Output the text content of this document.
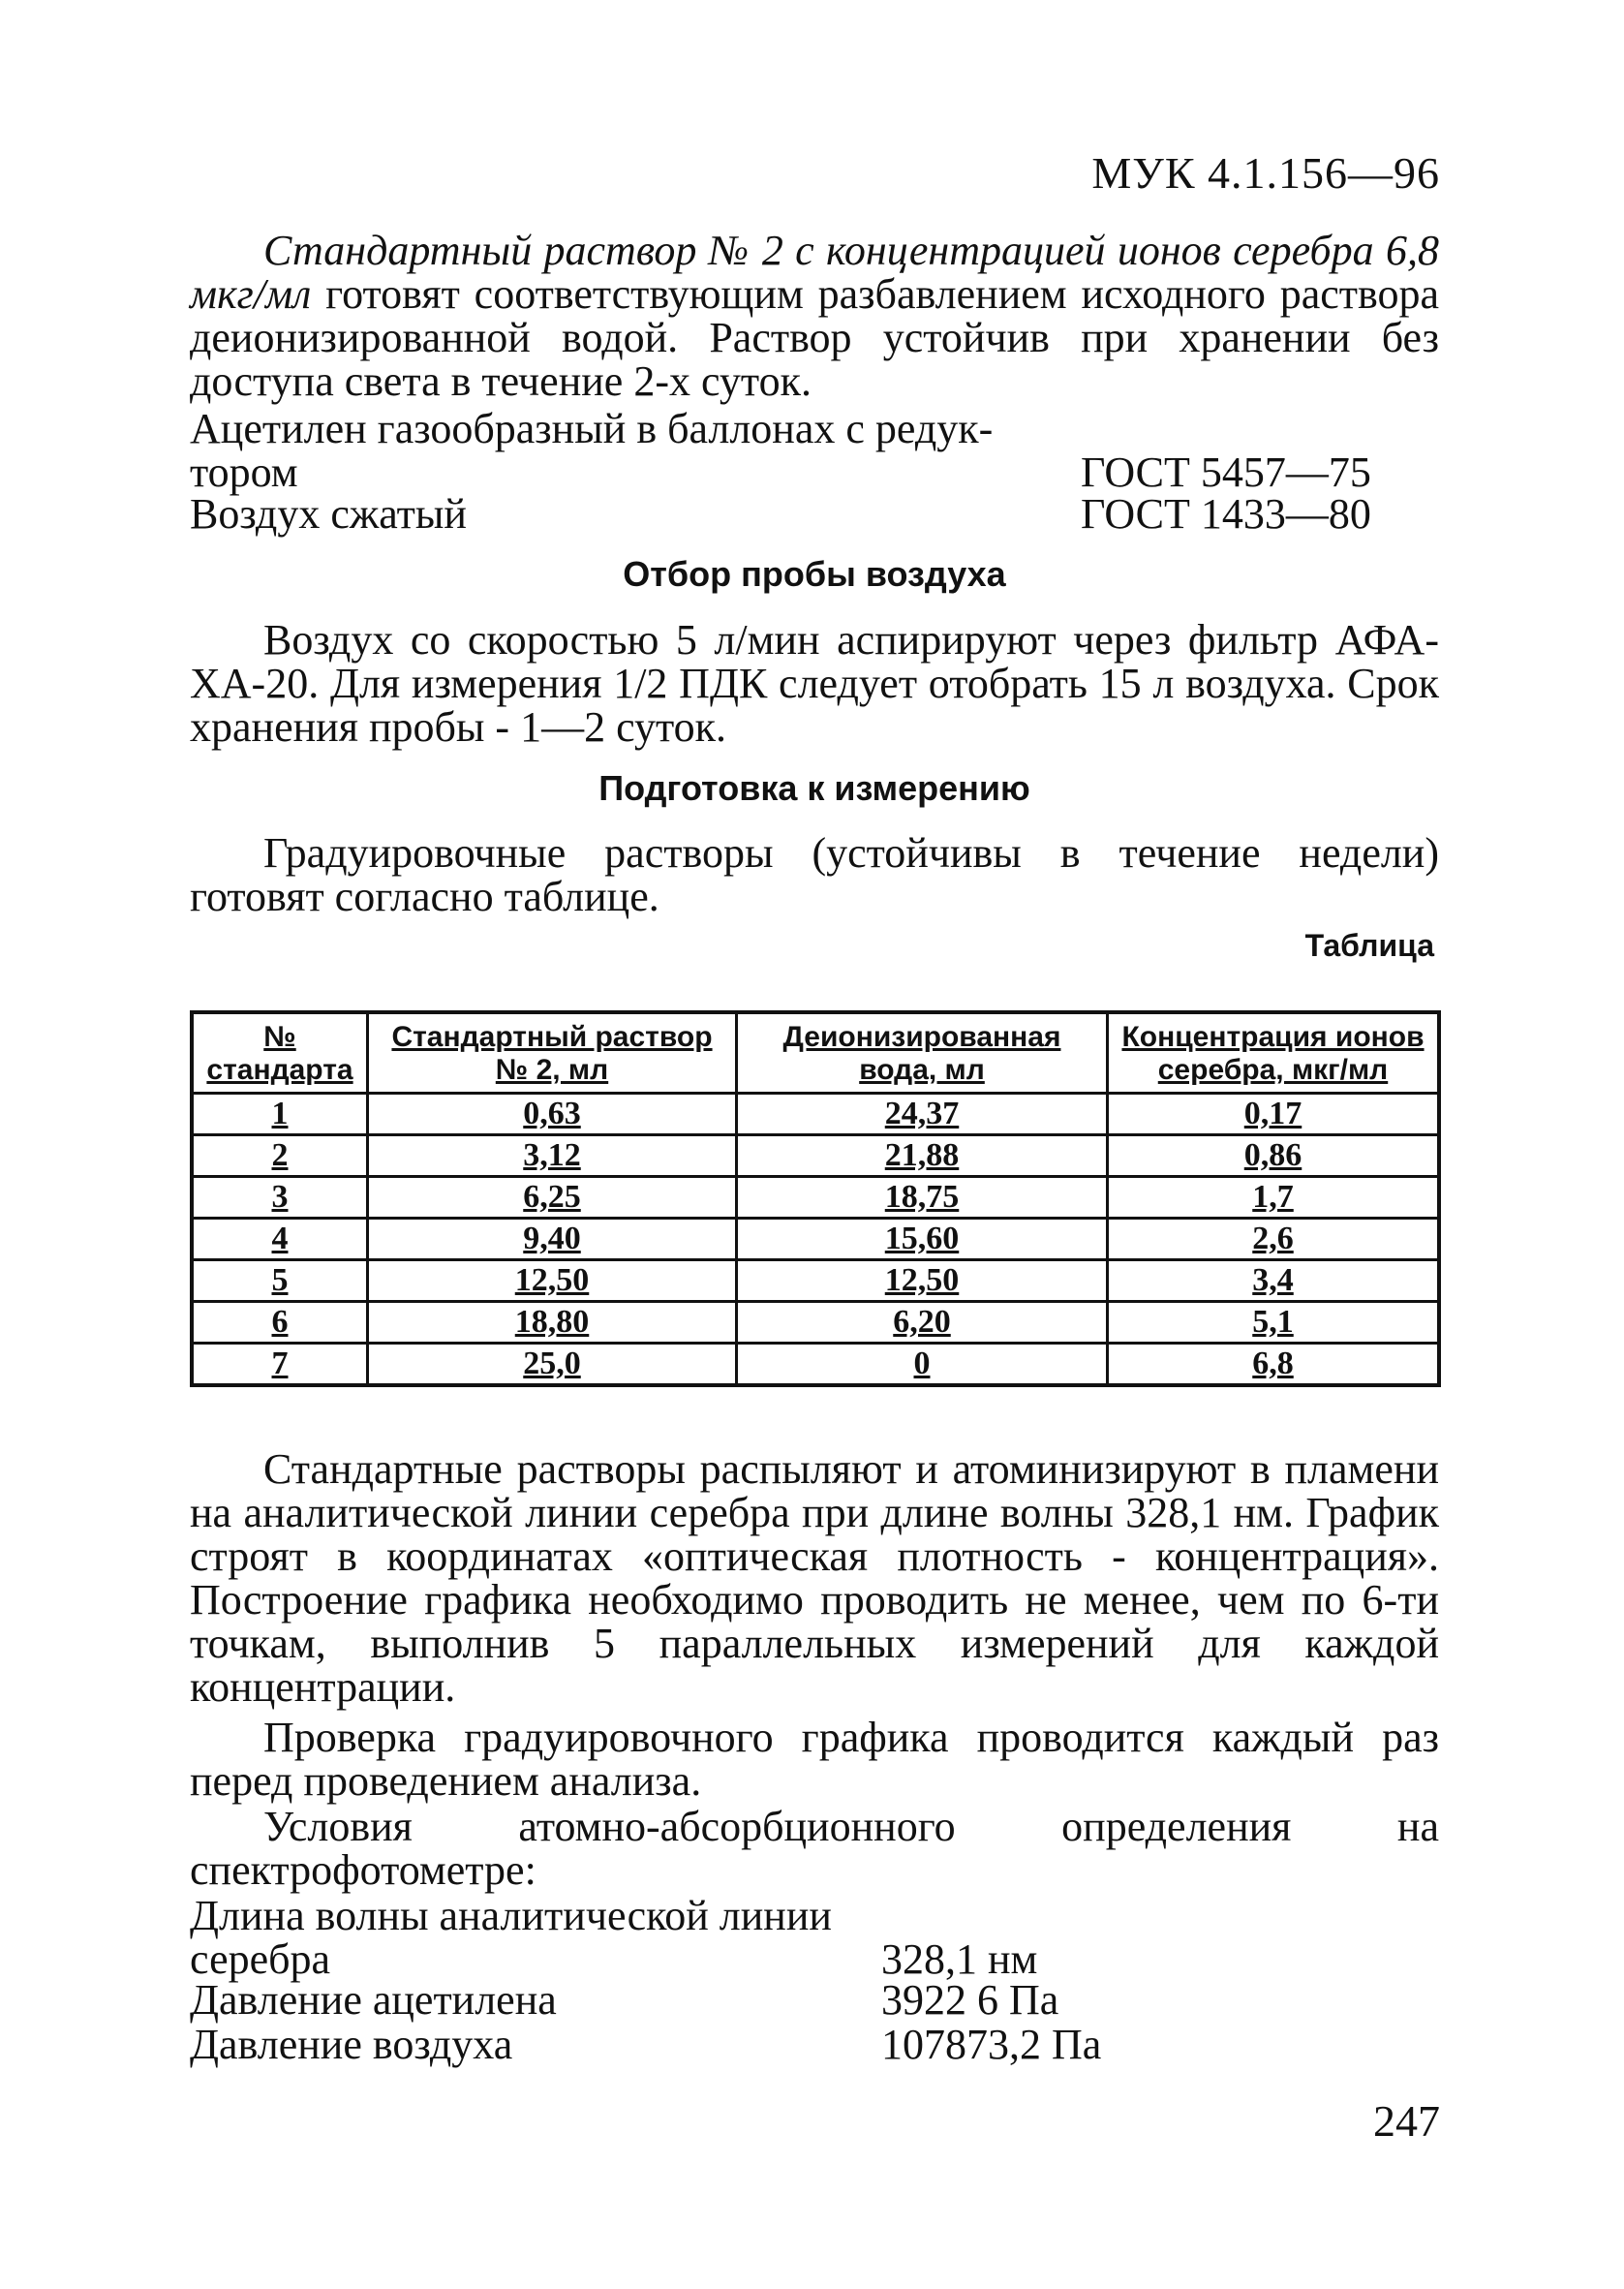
МУК 4.1.156—96
Стандартный раствор № 2 с концентрацией ионов серебра 6,8 мкг/мл готовят соответствующим разбавлением исходного раствора деионизированной водой. Раствор устойчив при хранении без доступа света в течение 2-х суток.
Ацетилен газообразный в баллонах с редук-
тором	ГОСТ 5457—75
Воздух сжатый	ГОСТ 1433—80
Отбор пробы воздуха
Воздух со скоростью 5 л/мин аспирируют через фильтр АФА-ХА-20. Для измерения 1/2 ПДК следует отобрать 15 л воздуха. Срок хранения пробы - 1—2 суток.
Подготовка к измерению
Градуировочные растворы (устойчивы в течение недели) готовят согласно таблице.
Таблица
№ стандарта	Стандартный раствор № 2, мл	Деионизированная вода, мл	Концентрация ионов серебра, мкг/мл
1	0,63	24,37	0,17
2	3,12	21,88	0,86
3	6,25	18,75	1,7
4	9,40	15,60	2,6
5	12,50	12,50	3,4
6	18,80	6,20	5,1
7	25,0	0	6,8
Стандартные растворы распыляют и атоминизируют в пламени на аналитической линии серебра при длине волны 328,1 нм. График строят в координатах «оптическая плотность - концентрация». Построение графика необходимо проводить не менее, чем по 6-ти точкам, выполнив 5 параллельных измерений для каждой концентрации.
Проверка градуировочного графика проводится каждый раз перед проведением анализа.
Условия атомно-абсорбционного определения на спектрофотометре:
Длина волны аналитической линии
серебра	328,1 нм
Давление ацетилена	3922 6 Па
Давление воздуха	107873,2 Па
247
